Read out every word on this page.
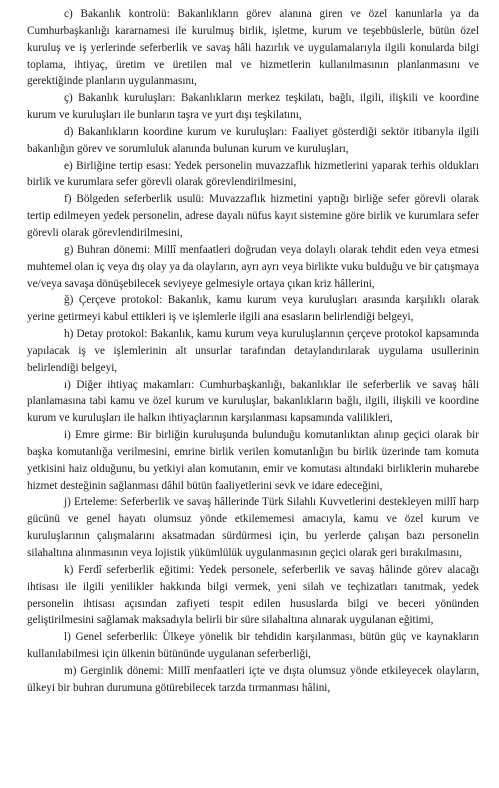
c) Bakanlık kontrolü: Bakanlıkların görev alanına giren ve özel kanunlarla ya da Cumhurbaşkanlığı kararnamesi ile kurulmuş birlik, işletme, kurum ve teşebbüslerle, bütün özel kuruluş ve iş yerlerinde seferberlik ve savaş hâli hazırlık ve uygulamalarıyla ilgili konularda bilgi toplama, ihtiyaç, üretim ve üretilen mal ve hizmetlerin kullanılmasının planlanmasını ve gerektiğinde planların uygulanmasını,

ç) Bakanlık kuruluşları: Bakanlıkların merkez teşkilatı, bağlı, ilgili, ilişkili ve koordine kurum ve kuruluşları ile bunların taşra ve yurt dışı teşkilatını,

d) Bakanlıkların koordine kurum ve kuruluşları: Faaliyet gösterdiği sektör itibarıyla ilgili bakanlığın görev ve sorumluluk alanında bulunan kurum ve kuruluşları,

e) Birliğine tertip esası: Yedek personelin muvazzaflık hizmetlerini yaparak terhis oldukları birlik ve kurumlara sefer görevli olarak görevlendirilmesini,

f) Bölgeden seferberlik usulü: Muvazzaflık hizmetini yaptığı birliğe sefer görevli olarak tertip edilmeyen yedek personelin, adrese dayalı nüfus kayıt sistemine göre birlik ve kurumlara sefer görevli olarak görevlendirilmesini,

g) Buhran dönemi: Millî menfaatleri doğrudan veya dolaylı olarak tehdit eden veya etmesi muhtemel olan iç veya dış olay ya da olayların, ayrı ayrı veya birlikte vuku bulduğu ve bir çatışmaya ve/veya savaşa dönüşebilecek seviyeye gelmesiyle ortaya çıkan kriz hâllerini,

ğ) Çerçeve protokol: Bakanlık, kamu kurum veya kuruluşları arasında karşılıklı olarak yerine getirmeyi kabul ettikleri iş ve işlemlerle ilgili ana esasların belirlendiği belgeyi,

h) Detay protokol: Bakanlık, kamu kurum veya kuruluşlarının çerçeve protokol kapsamında yapılacak iş ve işlemlerinin alt unsurlar tarafından detaylandırılarak uygulama usullerinin belirlendiği belgeyi,

ı) Diğer ihtiyaç makamları: Cumhurbaşkanlığı, bakanlıklar ile seferberlik ve savaş hâli planlamasına tabi kamu ve özel kurum ve kuruluşlar, bakanlıkların bağlı, ilgili, ilişkili ve koordine kurum ve kuruluşları ile halkın ihtiyaçlarının karşılanması kapsamında valilikleri,

i) Emre girme: Bir birliğin kuruluşunda bulunduğu komutanlıktan alınıp geçici olarak bir başka komutanlığa verilmesini, emrine birlik verilen komutanlığın bu birlik üzerinde tam komuta yetkisini haiz olduğunu, bu yetkiyi alan komutanın, emir ve komutası altındaki birliklerin muharebe hizmet desteğinin sağlanması dâhil bütün faaliyetlerini sevk ve idare edeceğini,

j) Erteleme: Seferberlik ve savaş hâllerinde Türk Silahlı Kuvvetlerini destekleyen millî harp gücünü ve genel hayatı olumsuz yönde etkilememesi amacıyla, kamu ve özel kurum ve kuruluşlarının çalışmalarını aksatmadan sürdürmesi için, bu yerlerde çalışan bazı personelin silahaltına alınmasının veya lojistik yükümlülük uygulanmasının geçici olarak geri bırakılmasını,

k) Ferdî seferberlik eğitimi: Yedek personele, seferberlik ve savaş hâlinde görev alacağı ihtisası ile ilgili yenilikler hakkında bilgi vermek, yeni silah ve teçhizatları tanıtmak, yedek personelin ihtisası açısından zafiyeti tespit edilen hususlarda bilgi ve beceri yönünden geliştirilmesini sağlamak maksadıyla belirli bir süre silahaltına alınarak uygulanan eğitimi,

l) Genel seferberlik: Ülkeye yönelik bir tehdidin karşılanması, bütün güç ve kaynakların kullanılabilmesi için ülkenin bütününde uygulanan seferberliği,

m) Gerginlik dönemi: Millî menfaatleri içte ve dışta olumsuz yönde etkileyecek olayların, ülkeyi bir buhran durumuna götürebilecek tarzda tırmanması hâlini,
